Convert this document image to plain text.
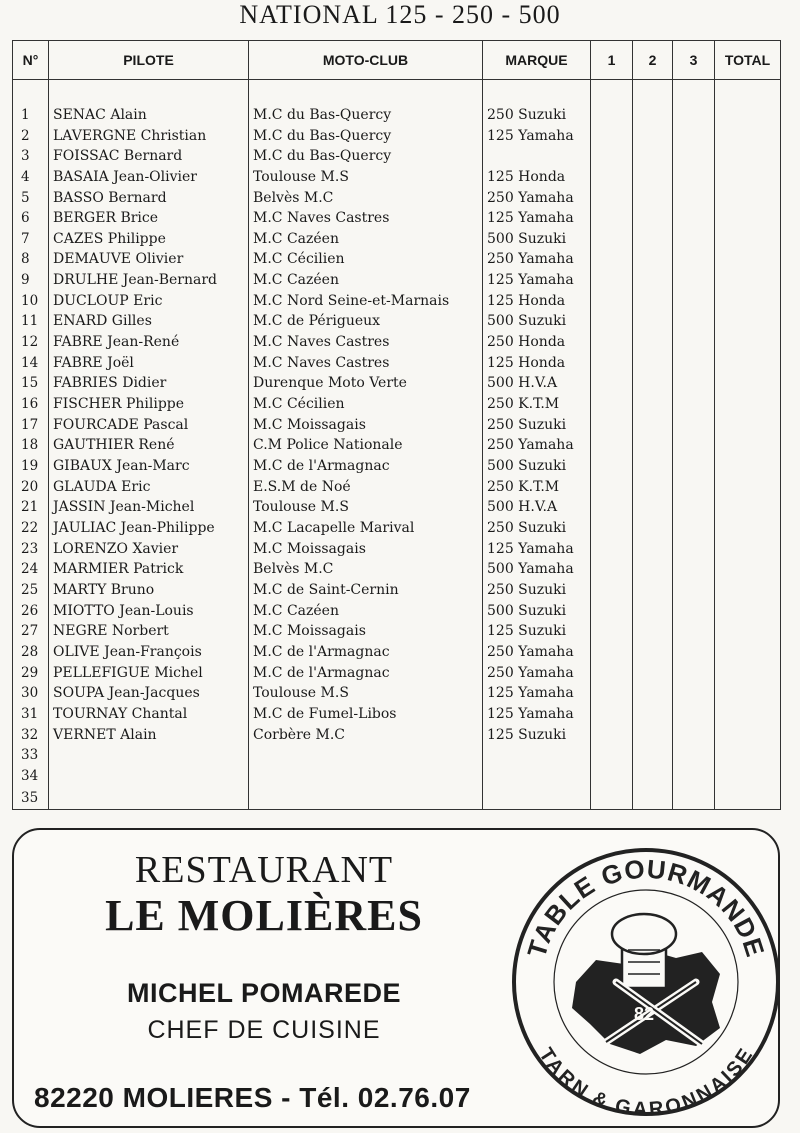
NATIONAL 125 - 250 - 500
N°	PILOTE	MOTO-CLUB	MARQUE	1	2	3	TOTAL

1	SENAC Alain	M.C du Bas-Quercy	250 Suzuki				
2	LAVERGNE Christian	M.C du Bas-Quercy	125 Yamaha				
3	FOISSAC Bernard	M.C du Bas-Quercy					
4	BASAIA Jean-Olivier	Toulouse M.S	125 Honda				
5	BASSO Bernard	Belvès M.C	250 Yamaha				
6	BERGER Brice	M.C Naves Castres	125 Yamaha				
7	CAZES Philippe	M.C Cazéen	500 Suzuki				
8	DEMAUVE Olivier	M.C Cécilien	250 Yamaha				
9	DRULHE Jean-Bernard	M.C Cazéen	125 Yamaha				
10	DUCLOUP Eric	M.C Nord Seine-et-Marnais	125 Honda				
11	ENARD Gilles	M.C de Périgueux	500 Suzuki				
12	FABRE Jean-René	M.C Naves Castres	250 Honda				
14	FABRE Joël	M.C Naves Castres	125 Honda				
15	FABRIES Didier	Durenque Moto Verte	500 H.V.A				
16	FISCHER Philippe	M.C Cécilien	250 K.T.M				
17	FOURCADE Pascal	M.C Moissagais	250 Suzuki				
18	GAUTHIER René	C.M Police Nationale	250 Yamaha				
19	GIBAUX Jean-Marc	M.C de l'Armagnac	500 Suzuki				
20	GLAUDA Eric	E.S.M de Noé	250 K.T.M				
21	JASSIN Jean-Michel	Toulouse M.S	500 H.V.A				
22	JAULIAC Jean-Philippe	M.C Lacapelle Marival	250 Suzuki				
23	LORENZO Xavier	M.C Moissagais	125 Yamaha				
24	MARMIER Patrick	Belvès M.C	500 Yamaha				
25	MARTY Bruno	M.C de Saint-Cernin	250 Suzuki				
26	MIOTTO Jean-Louis	M.C Cazéen	500 Suzuki				
27	NEGRE Norbert	M.C Moissagais	125 Suzuki				
28	OLIVE Jean-François	M.C de l'Armagnac	250 Yamaha				
29	PELLEFIGUE Michel	M.C de l'Armagnac	250 Yamaha				
30	SOUPA Jean-Jacques	Toulouse M.S	125 Yamaha				
31	TOURNAY Chantal	M.C de Fumel-Libos	125 Yamaha				
32	VERNET Alain	Corbère M.C	125 Suzuki				
33							
34							
35							
RESTAURANT
LE MOLIÈRES
MICHEL POMAREDE
CHEF DE CUISINE
82220 MOLIERES - Tél. 02.76.07
82
TABLE GOURMANDE
TARN & GARONNAISE
